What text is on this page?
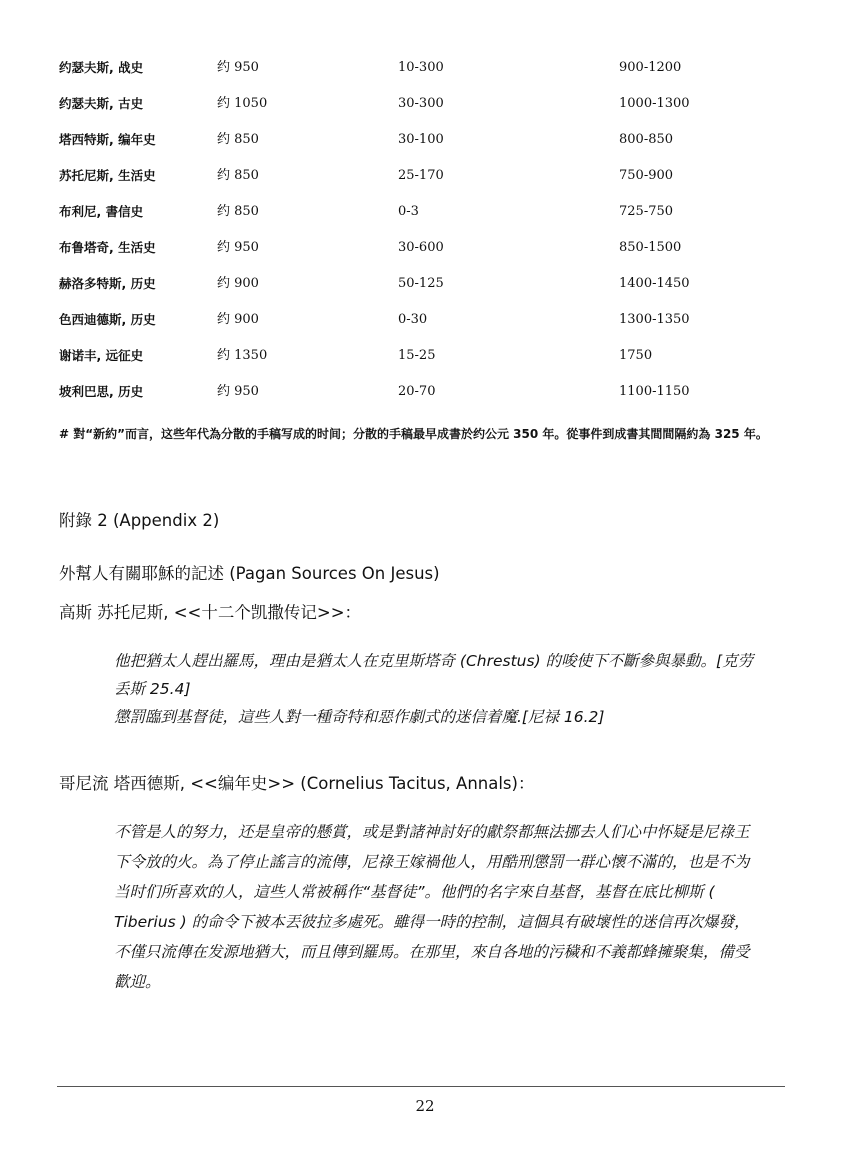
约瑟夫斯, 战史	约 950	10-300	900-1200
约瑟夫斯, 古史	约 1050	30-300	1000-1300
塔西特斯, 编年史	约 850	30-100	800-850
苏托尼斯, 生活史	约 850	25-170	750-900
布利尼, 書信史	约 850	0-3	725-750
布鲁塔奇, 生活史	约 950	30-600	850-1500
赫洛多特斯, 历史	约 900	50-125	1400-1450
色西迪德斯, 历史	约 900	0-30	1300-1350
谢诺丰, 远征史	约 1350	15-25	1750
坡利巴思, 历史	约 950	20-70	1100-1150
# 對“新約”而言，这些年代為分散的手稿写成的时间；分散的手稿最早成書於约公元 350 年。從事件到成書其間間隔約為 325 年。
附錄 2 (Appendix 2)
外幫人有關耶穌的記述 (Pagan Sources On Jesus)
高斯 苏托尼斯, <<十二个凯撒传记>>：

他把猶太人趕出羅馬，理由是猶太人在克里斯塔奇 (Chrestus) 的唆使下不斷參與暴動。[克劳丢斯 25.4]

懲罰臨到基督徒，這些人對一種奇特和惡作劇式的迷信着魔.[尼禄 16.2]

哥尼流 塔西德斯, <<编年史>> (Cornelius Tacitus, Annals)：

不管是人的努力，还是皇帝的懸賞，或是對諸神討好的獻祭都無法挪去人们心中怀疑是尼祿王下令放的火。為了停止謠言的流傳，尼祿王嫁禍他人，用酷刑懲罰一群心懷不滿的，也是不为当时们所喜欢的人，這些人常被稱作“基督徒”。他們的名字來自基督，基督在底比柳斯 ( Tiberius ) 的命令下被本丟彼拉多處死。雖得一時的控制，這個具有破壞性的迷信再次爆發，不僅只流傳在发源地猶大，而且傳到羅馬。在那里，來自各地的污穢和不義都蜂擁聚集，備受歡迎。

22
